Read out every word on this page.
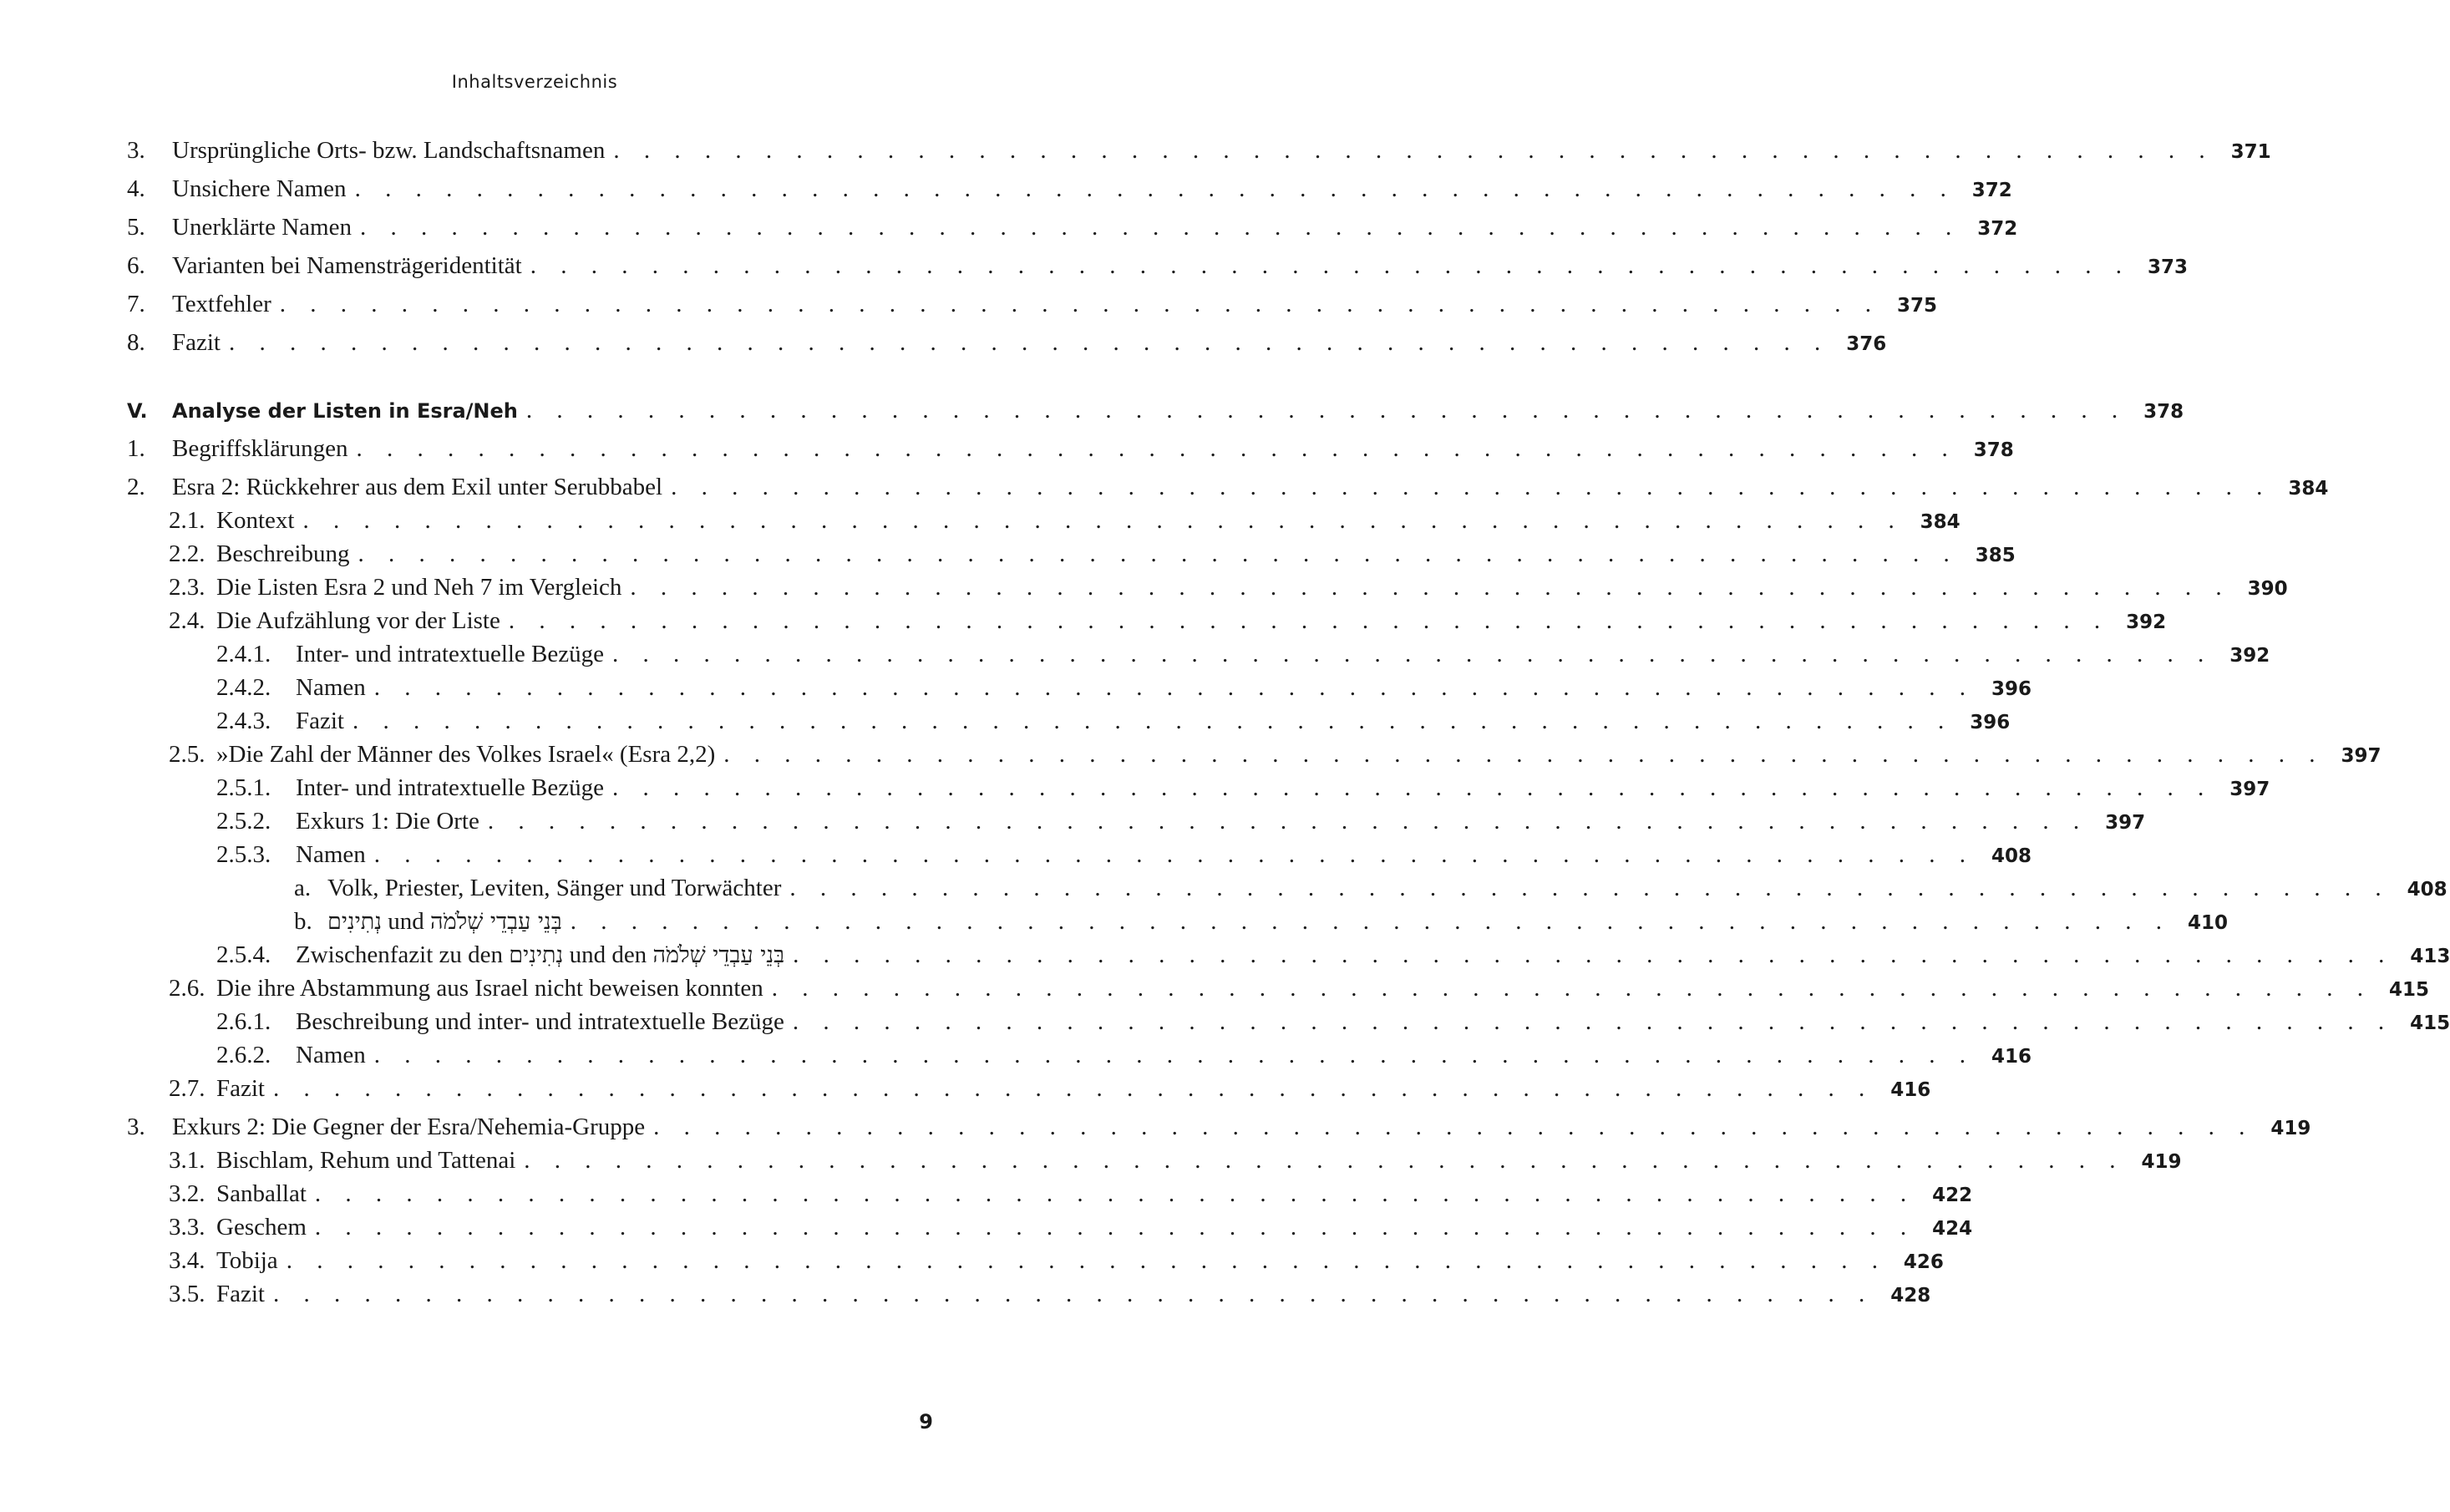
Inhaltsverzeichnis
3.	Ursprüngliche Orts- bzw. Landschaftsnamen . . . . . . . . . . . . . . . . . . . . . . . . . . . . . . . . . . . . . . . . . . . . . . . . . . . . . 371
4.	Unsichere Namen . . . . . . . . . . . . . . . . . . . . . . . . . . . . . . . . . . . . . . . . . . . . . . . . . . . . . 372
5.	Unerklärte Namen . . . . . . . . . . . . . . . . . . . . . . . . . . . . . . . . . . . . . . . . . . . . . . . . . . . . . 372
6.	Varianten bei Namensträgeridentität . . . . . . . . . . . . . . . . . . . . . . . . . . . . . . . . . . . . . . . . . . . . . . . . . . . . . 373
7.	Textfehler . . . . . . . . . . . . . . . . . . . . . . . . . . . . . . . . . . . . . . . . . . . . . . . . . . . . . 375
8.	Fazit . . . . . . . . . . . . . . . . . . . . . . . . . . . . . . . . . . . . . . . . . . . . . . . . . . . . . 376
V.	Analyse der Listen in Esra/Neh . . . . . . . . . . . . . . . . . . . . . . . . . . . . . . . . . . . . . . . . . . . . . . . . . . . . . 378
1.	Begriffsklärungen . . . . . . . . . . . . . . . . . . . . . . . . . . . . . . . . . . . . . . . . . . . . . . . . . . . . . 378
2.	Esra 2: Rückkehrer aus dem Exil unter Serubbabel . . . . . . . . . . . . . . . . . . . . . . . . . . . . . . . . . . . . . . . . . . . . . . . . . . . . . 384
2.1. Kontext . . . . . . . . . . . . . . . . . . . . . . . . . . . . . . . . . . . . . . . . . . . . . . . . . . . . . 384
2.2. Beschreibung . . . . . . . . . . . . . . . . . . . . . . . . . . . . . . . . . . . . . . . . . . . . . . . . . . . . . 385
2.3. Die Listen Esra 2 und Neh 7 im Vergleich . . . . . . . . . . . . . . . . . . . . . . . . . . . . . . . . . . . . . . . . . . . . . . . . . . . . . 390
2.4. Die Aufzählung vor der Liste . . . . . . . . . . . . . . . . . . . . . . . . . . . . . . . . . . . . . . . . . . . . . . . . . . . . . 392
2.4.1.	Inter- und intratextuelle Bezüge . . . . . . . . . . . . . . . . . . . . . . . . . . . . . . . . . . . . . . . . . . . . . . . . . . . . . 392
2.4.2.	Namen . . . . . . . . . . . . . . . . . . . . . . . . . . . . . . . . . . . . . . . . . . . . . . . . . . . . . 396
2.4.3.	Fazit . . . . . . . . . . . . . . . . . . . . . . . . . . . . . . . . . . . . . . . . . . . . . . . . . . . . . 396
2.5. »Die Zahl der Männer des Volkes Israel« (Esra 2,2) . . . . . . . . . . . . . . . . . . . . . . . . . . . . . . . . . . . . . . . . . . . . . . . . . . . . . 397
2.5.1.	Inter- und intratextuelle Bezüge . . . . . . . . . . . . . . . . . . . . . . . . . . . . . . . . . . . . . . . . . . . . . . . . . . . . . 397
2.5.2.	Exkurs 1: Die Orte . . . . . . . . . . . . . . . . . . . . . . . . . . . . . . . . . . . . . . . . . . . . . . . . . . . . . 397
2.5.3.	Namen . . . . . . . . . . . . . . . . . . . . . . . . . . . . . . . . . . . . . . . . . . . . . . . . . . . . . 408
a. Volk, Priester, Leviten, Sänger und Torwächter . . . . . . . . . . . . . . . . . . . . . . . . . . . . . . . . . . . . . . . . . . . . . . . . . . . . . 408
b. נְתִינִים und בְּנֵי עַבְדֵי שְׁלֹמֹה . . . . . . . . . . . . . . . . . . . . . . . . . . . . . . . . . . . . . . . . . . . . . . . . . . . . . 410
2.5.4.	Zwischenfazit zu den נְתִינִים und den בְּנֵי עַבְדֵי שְׁלֹמֹה . . . . . . . . . . . . . . . . . . . . . . . . . . . . . . . . . . . . . . . . . . . . . . . . . . . . . 413
2.6. Die ihre Abstammung aus Israel nicht beweisen konnten . . . . . . . . . . . . . . . . . . . . . . . . . . . . . . . . . . . . . . . . . . . . . . . . . . . . . 415
2.6.1.	Beschreibung und inter- und intratextuelle Bezüge . . . . . . . . . . . . . . . . . . . . . . . . . . . . . . . . . . . . . . . . . . . . . . . . . . . . . 415
2.6.2.	Namen . . . . . . . . . . . . . . . . . . . . . . . . . . . . . . . . . . . . . . . . . . . . . . . . . . . . . 416
2.7. Fazit . . . . . . . . . . . . . . . . . . . . . . . . . . . . . . . . . . . . . . . . . . . . . . . . . . . . . 416
3.	Exkurs 2: Die Gegner der Esra/Nehemia-Gruppe . . . . . . . . . . . . . . . . . . . . . . . . . . . . . . . . . . . . . . . . . . . . . . . . . . . . . 419
3.1. Bischlam, Rehum und Tattenai . . . . . . . . . . . . . . . . . . . . . . . . . . . . . . . . . . . . . . . . . . . . . . . . . . . . . 419
3.2. Sanballat . . . . . . . . . . . . . . . . . . . . . . . . . . . . . . . . . . . . . . . . . . . . . . . . . . . . . 422
3.3. Geschem . . . . . . . . . . . . . . . . . . . . . . . . . . . . . . . . . . . . . . . . . . . . . . . . . . . . . 424
3.4. Tobija . . . . . . . . . . . . . . . . . . . . . . . . . . . . . . . . . . . . . . . . . . . . . . . . . . . . . 426
3.5. Fazit . . . . . . . . . . . . . . . . . . . . . . . . . . . . . . . . . . . . . . . . . . . . . . . . . . . . . 428
9
